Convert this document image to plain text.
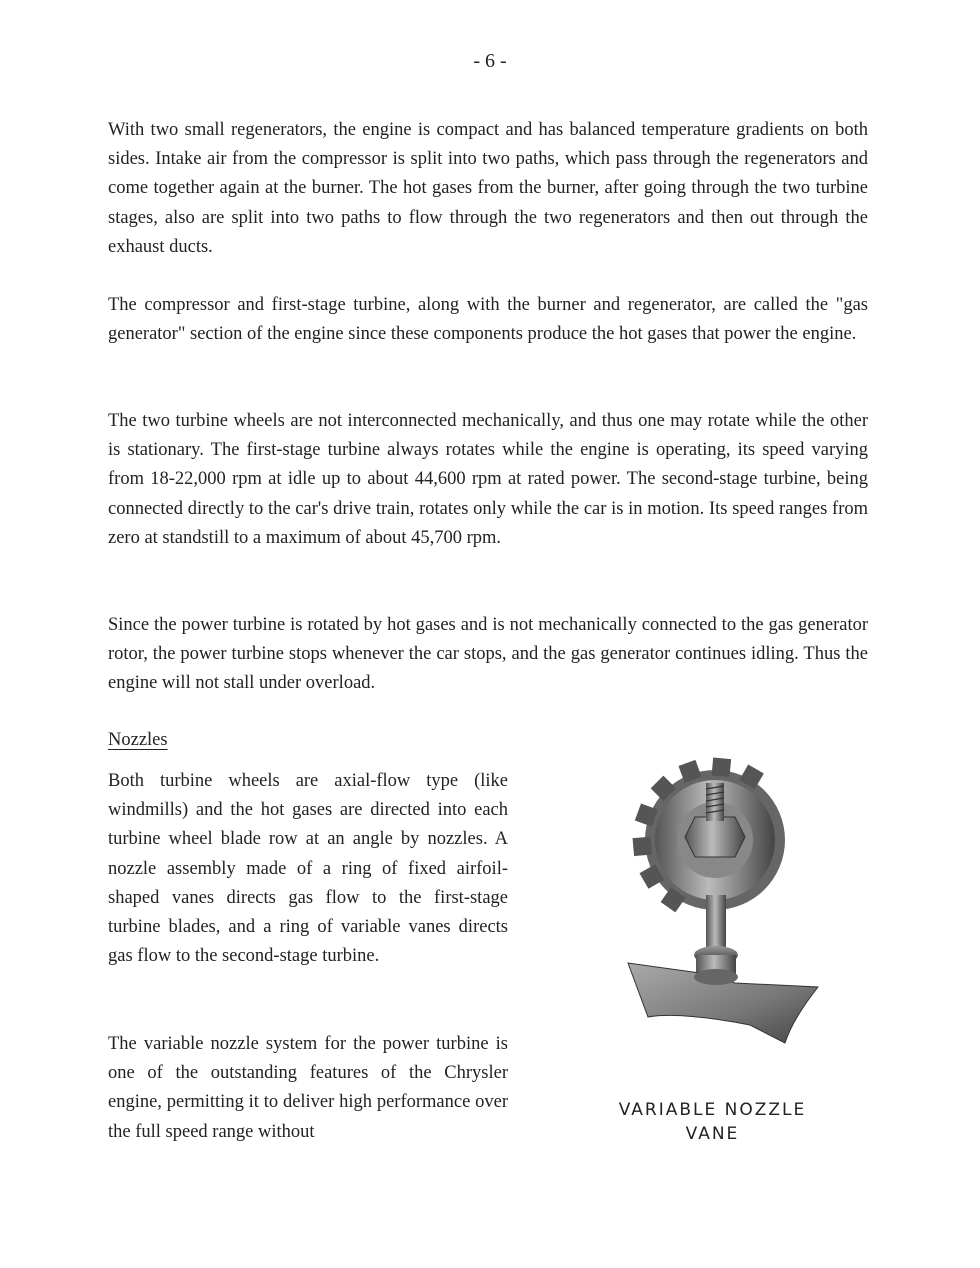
- 6 -

With two small regenerators, the engine is compact and has balanced temperature gradients on both sides. Intake air from the compressor is split into two paths, which pass through the regenerators and come together again at the burner. The hot gases from the burner, after going through the two turbine stages, also are split into two paths to flow through the two regenerators and then out through the exhaust ducts.

The compressor and first-stage turbine, along with the burner and regenerator, are called the "gas generator" section of the engine since these components produce the hot gases that power the engine.

The two turbine wheels are not interconnected mechanically, and thus one may rotate while the other is stationary. The first-stage turbine always rotates while the engine is operating, its speed varying from 18-22,000 rpm at idle up to about 44,600 rpm at rated power. The second-stage turbine, being connected directly to the car's drive train, rotates only while the car is in motion. Its speed ranges from zero at standstill to a maximum of about 45,700 rpm.

Since the power turbine is rotated by hot gases and is not mechanically connected to the gas generator rotor, the power turbine stops whenever the car stops, and the gas generator continues idling. Thus the engine will not stall under overload.

Nozzles

Both turbine wheels are axial-flow type (like windmills) and the hot gases are directed into each turbine wheel blade row at an angle by nozzles. A nozzle assembly made of a ring of fixed airfoil-shaped vanes directs gas flow to the first-stage turbine blades, and a ring of variable vanes directs gas flow to the second-stage turbine.

The variable nozzle system for the power turbine is one of the outstanding features of the Chrysler engine, permitting it to deliver high performance over the full speed range without

VARIABLE NOZZLE
VANE
